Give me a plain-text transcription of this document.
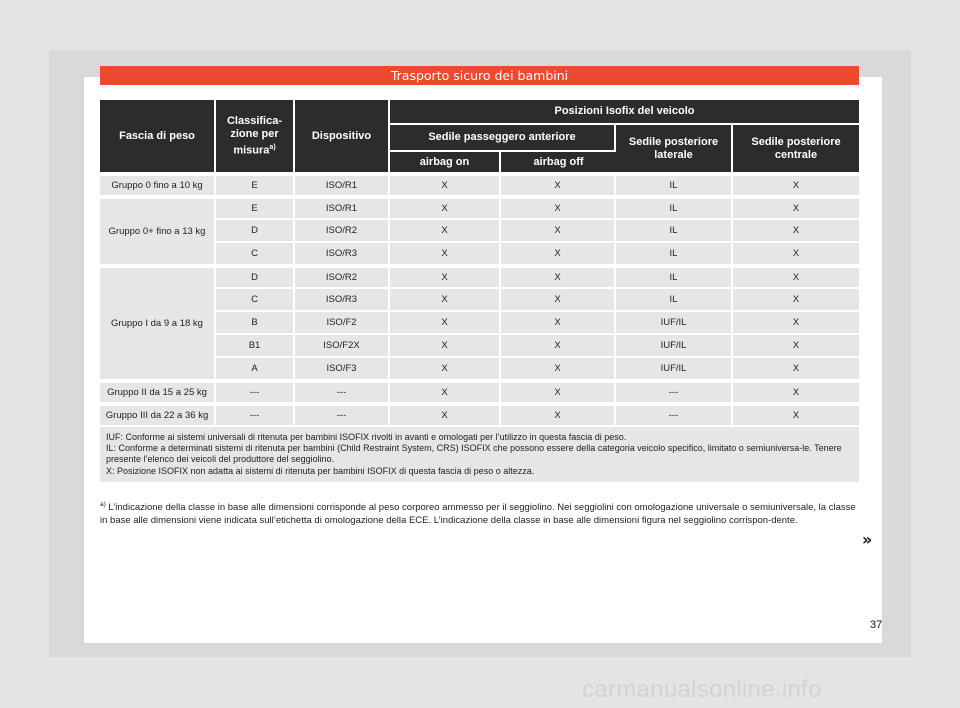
Trasporto sicuro dei bambini
Fascia di peso	Classifica-
zione per
misura$^{a)}$	Dispositivo	Posizioni Isofix del veicolo			
			Sedile passeggero anteriore		Sedile posteriore laterale	Sedile posteriore centrale
			airbag on	airbag off		
Gruppo 0 fino a 10 kg	E	ISO/R1	X	X	IL	X
Gruppo 0+ fino a 13 kg	E	ISO/R1	X	X	IL	X
	D	ISO/R2	X	X	IL	X
	C	ISO/R3	X	X	IL	X
Gruppo I da 9 a 18 kg	D	ISO/R2	X	X	IL	X
	C	ISO/R3	X	X	IL	X
	B	ISO/F2	X	X	IUF/IL	X
	B1	ISO/F2X	X	X	IUF/IL	X
	A	ISO/F3	X	X	IUF/IL	X
Gruppo II da 15 a 25 kg	---	---	X	X	---	X
Gruppo III da 22 a 36 kg	---	---	X	X	---	X

IUF: Conforme ai sistemi universali di ritenuta per bambini ISOFIX rivolti in avanti e omologati per l’utilizzo in questa fascia di peso.

IL: Conforme a determinati sistemi di ritenuta per bambini (Child Restraint System, CRS) ISOFIX che possono essere della categoria veicolo specifico, limitato o semiuniversa-le. Tenere presente l’elenco dei veicoli del produttore del seggiolino.

X: Posizione ISOFIX non adatta ai sistemi di ritenuta per bambini ISOFIX di questa fascia di peso o altezza.						

$^{a)}$ L’indicazione della classe in base alle dimensioni corrisponde al peso corporeo ammesso per il seggiolino. Nei seggiolini con omologazione universale o semiuniversale, la classe in base alle dimensioni viene indicata sull’etichetta di omologazione della ECE. L’indicazione della classe in base alle dimensioni figura nel seggiolino corrispon-dente.
»
37
carmanualsonline.info
